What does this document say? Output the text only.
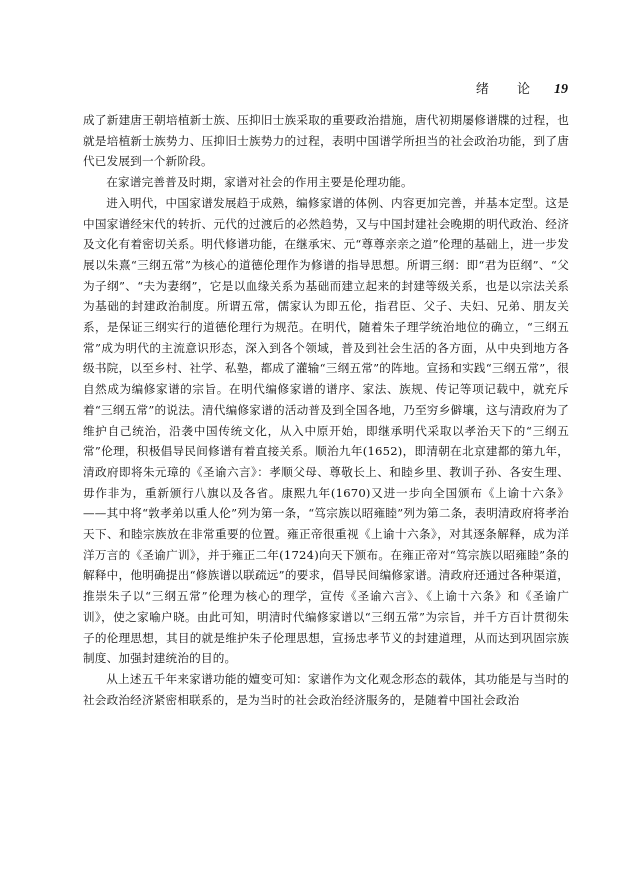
绪 论 19

成了新建唐王朝培植新士族、压抑旧士族采取的重要政治措施，唐代初期屡修谱牒的过程，也就是培植新士族势力、压抑旧士族势力的过程，表明中国谱学所担当的社会政治功能，到了唐代已发展到一个新阶段。

在家谱完善普及时期，家谱对社会的作用主要是伦理功能。

进入明代，中国家谱发展趋于成熟，编修家谱的体例、内容更加完善，并基本定型。这是中国家谱经宋代的转折、元代的过渡后的必然趋势，又与中国封建社会晚期的明代政治、经济及文化有着密切关系。明代修谱功能，在继承宋、元“尊尊亲亲之道”伦理的基础上，进一步发展以朱熹“三纲五常”为核心的道德伦理作为修谱的指导思想。所谓三纲：即“君为臣纲”、“父为子纲”、“夫为妻纲”，它是以血缘关系为基础而建立起来的封建等级关系，也是以宗法关系为基础的封建政治制度。所谓五常，儒家认为即五伦，指君臣、父子、夫妇、兄弟、朋友关系，是保证三纲实行的道德伦理行为规范。在明代，随着朱子理学统治地位的确立，“三纲五常”成为明代的主流意识形态，深入到各个领域，普及到社会生活的各方面，从中央到地方各级书院，以至乡村、社学、私塾，都成了灌输“三纲五常”的阵地。宣扬和实践“三纲五常”，很自然成为编修家谱的宗旨。在明代编修家谱的谱序、家法、族规、传记等项记载中，就充斥着“三纲五常”的说法。清代编修家谱的活动普及到全国各地，乃至穷乡僻壤，这与清政府为了维护自己统治，沿袭中国传统文化，从入中原开始，即继承明代采取以孝治天下的“三纲五常”伦理，积极倡导民间修谱有着直接关系。顺治九年(1652)，即清朝在北京建都的第九年，清政府即将朱元璋的《圣谕六言》：孝顺父母、尊敬长上、和睦乡里、教训子孙、各安生理、毋作非为，重新颁行八旗以及各省。康熙九年(1670)又进一步向全国颁布《上谕十六条》——其中将“敦孝弟以重人伦”列为第一条，“笃宗族以昭雍睦”列为第二条，表明清政府将孝治天下、和睦宗族放在非常重要的位置。雍正帝很重视《上谕十六条》，对其逐条解释，成为洋洋万言的《圣谕广训》，并于雍正二年(1724)向天下颁布。在雍正帝对“笃宗族以昭雍睦”条的解释中，他明确提出“修族谱以联疏远”的要求，倡导民间编修家谱。清政府还通过各种渠道，推崇朱子以“三纲五常”伦理为核心的理学，宣传《圣谕六言》、《上谕十六条》和《圣谕广训》，使之家喻户晓。由此可知，明清时代编修家谱以“三纲五常”为宗旨，并千方百计贯彻朱子的伦理思想，其目的就是维护朱子伦理思想，宣扬忠孝节义的封建道理，从而达到巩固宗族制度、加强封建统治的目的。

从上述五千年来家谱功能的嬗变可知：家谱作为文化观念形态的载体，其功能是与当时的社会政治经济紧密相联系的，是为当时的社会政治经济服务的，是随着中国社会政治
